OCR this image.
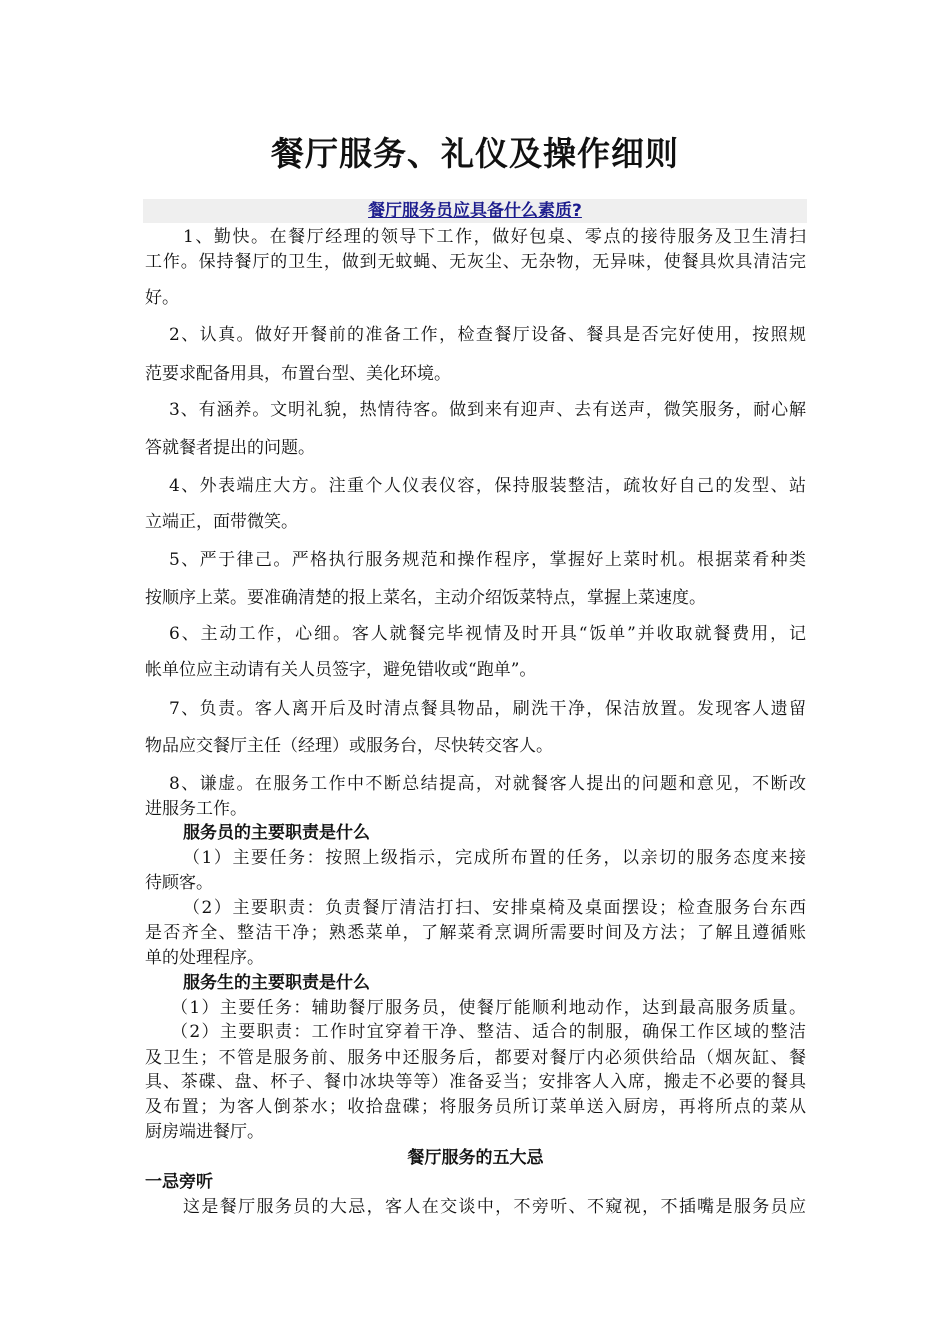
餐厅服务、礼仪及操作细则
餐厅服务员应具备什么素质?
1、勤快。在餐厅经理的领导下工作，做好包桌、零点的接待服务及卫生清扫
工作。保持餐厅的卫生，做到无蚊蝇、无灰尘、无杂物，无异味，使餐具炊具清洁完
好。
2、认真。做好开餐前的准备工作，检查餐厅设备、餐具是否完好使用，按照规
范要求配备用具，布置台型、美化环境。
3、有涵养。文明礼貌，热情待客。做到来有迎声、去有送声，微笑服务，耐心解
答就餐者提出的问题。
4、外表端庄大方。注重个人仪表仪容，保持服装整洁，疏妆好自己的发型、站
立端正，面带微笑。
5、严于律己。严格执行服务规范和操作程序，掌握好上菜时机。根据菜肴种类
按顺序上菜。要准确清楚的报上菜名，主动介绍饭菜特点，掌握上菜速度。
6、主动工作，心细。客人就餐完毕视情及时开具“饭单”并收取就餐费用，记
帐单位应主动请有关人员签字，避免错收或“跑单”。
7、负责。客人离开后及时清点餐具物品，刷洗干净，保洁放置。发现客人遗留
物品应交餐厅主任（经理）或服务台，尽快转交客人。
8、谦虚。在服务工作中不断总结提高，对就餐客人提出的问题和意见，不断改
进服务工作。
服务员的主要职责是什么
（1）主要任务：按照上级指示，完成所布置的任务，以亲切的服务态度来接
待顾客。
（2）主要职责：负责餐厅清洁打扫、安排桌椅及桌面摆设；检查服务台东西
是否齐全、整洁干净；熟悉菜单，了解菜肴烹调所需要时间及方法；了解且遵循账
单的处理程序。
服务生的主要职责是什么
（1）主要任务：辅助餐厅服务员，使餐厅能顺利地动作，达到最高服务质量。
（2）主要职责：工作时宜穿着干净、整洁、适合的制服，确保工作区域的整洁
及卫生；不管是服务前、服务中还服务后，都要对餐厅内必须供给品（烟灰缸、餐
具、茶碟、盘、杯子、餐巾冰块等等）准备妥当；安排客人入席，搬走不必要的餐具
及布置；为客人倒茶水；收拾盘碟；将服务员所订菜单送入厨房，再将所点的菜从
厨房端进餐厅。
餐厅服务的五大忌
一忌旁听
这是餐厅服务员的大忌，客人在交谈中，不旁听、不窥视，不插嘴是服务员应
